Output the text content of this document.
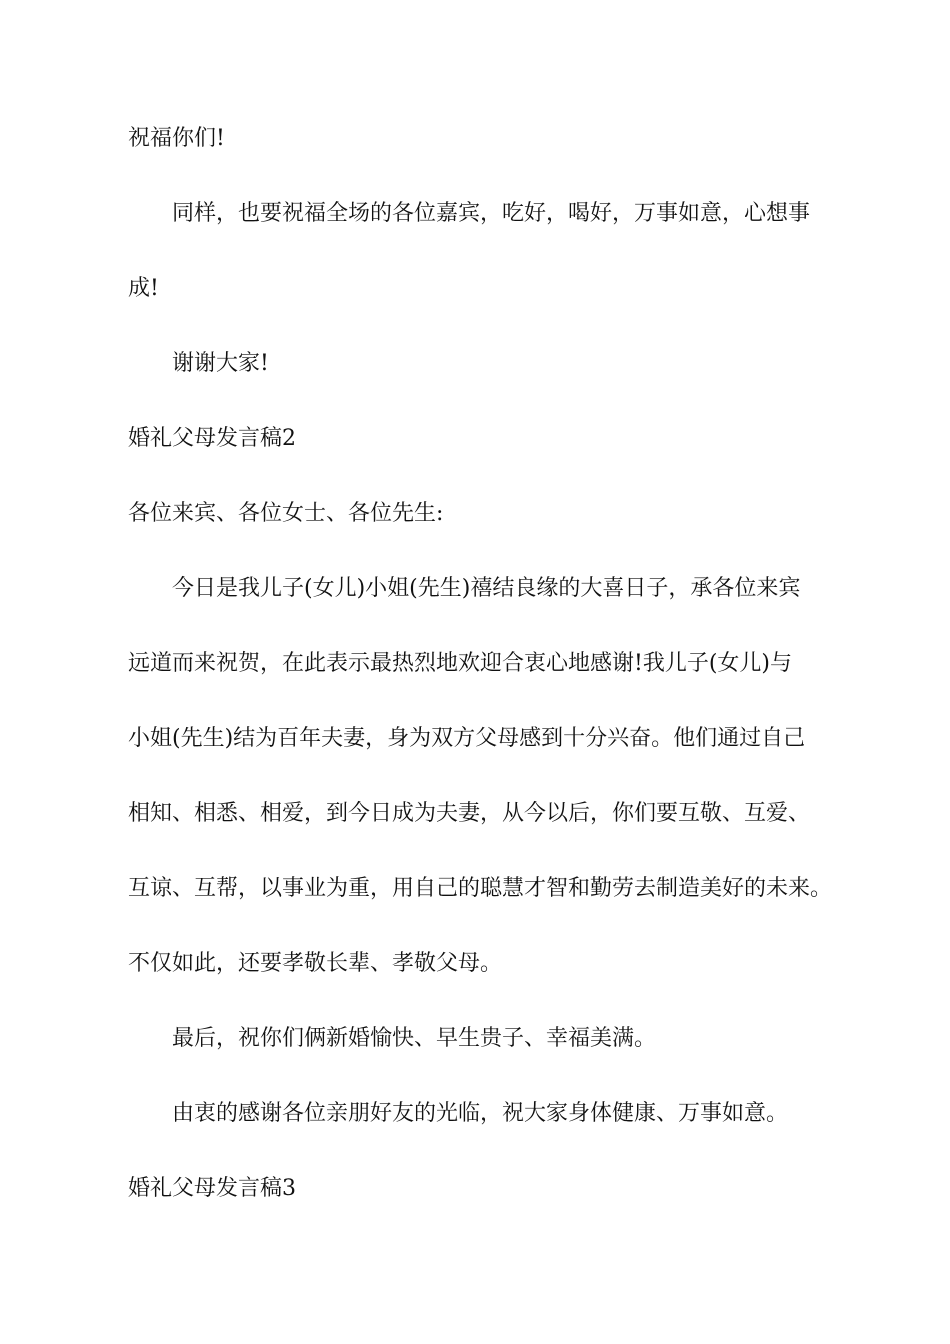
祝福你们!
同样，也要祝福全场的各位嘉宾，吃好，喝好，万事如意，心想事
成!
谢谢大家!
婚礼父母发言稿2
各位来宾、各位女士、各位先生:
今日是我儿子(女儿)小姐(先生)禧结良缘的大喜日子，承各位来宾
远道而来祝贺，在此表示最热烈地欢迎合衷心地感谢!我儿子(女儿)与
小姐(先生)结为百年夫妻，身为双方父母感到十分兴奋。他们通过自己
相知、相悉、相爱，到今日成为夫妻，从今以后，你们要互敬、互爱、
互谅、互帮，以事业为重，用自己的聪慧才智和勤劳去制造美好的未来。
不仅如此，还要孝敬长辈、孝敬父母。
最后，祝你们俩新婚愉快、早生贵子、幸福美满。
由衷的感谢各位亲朋好友的光临，祝大家身体健康、万事如意。
婚礼父母发言稿3
